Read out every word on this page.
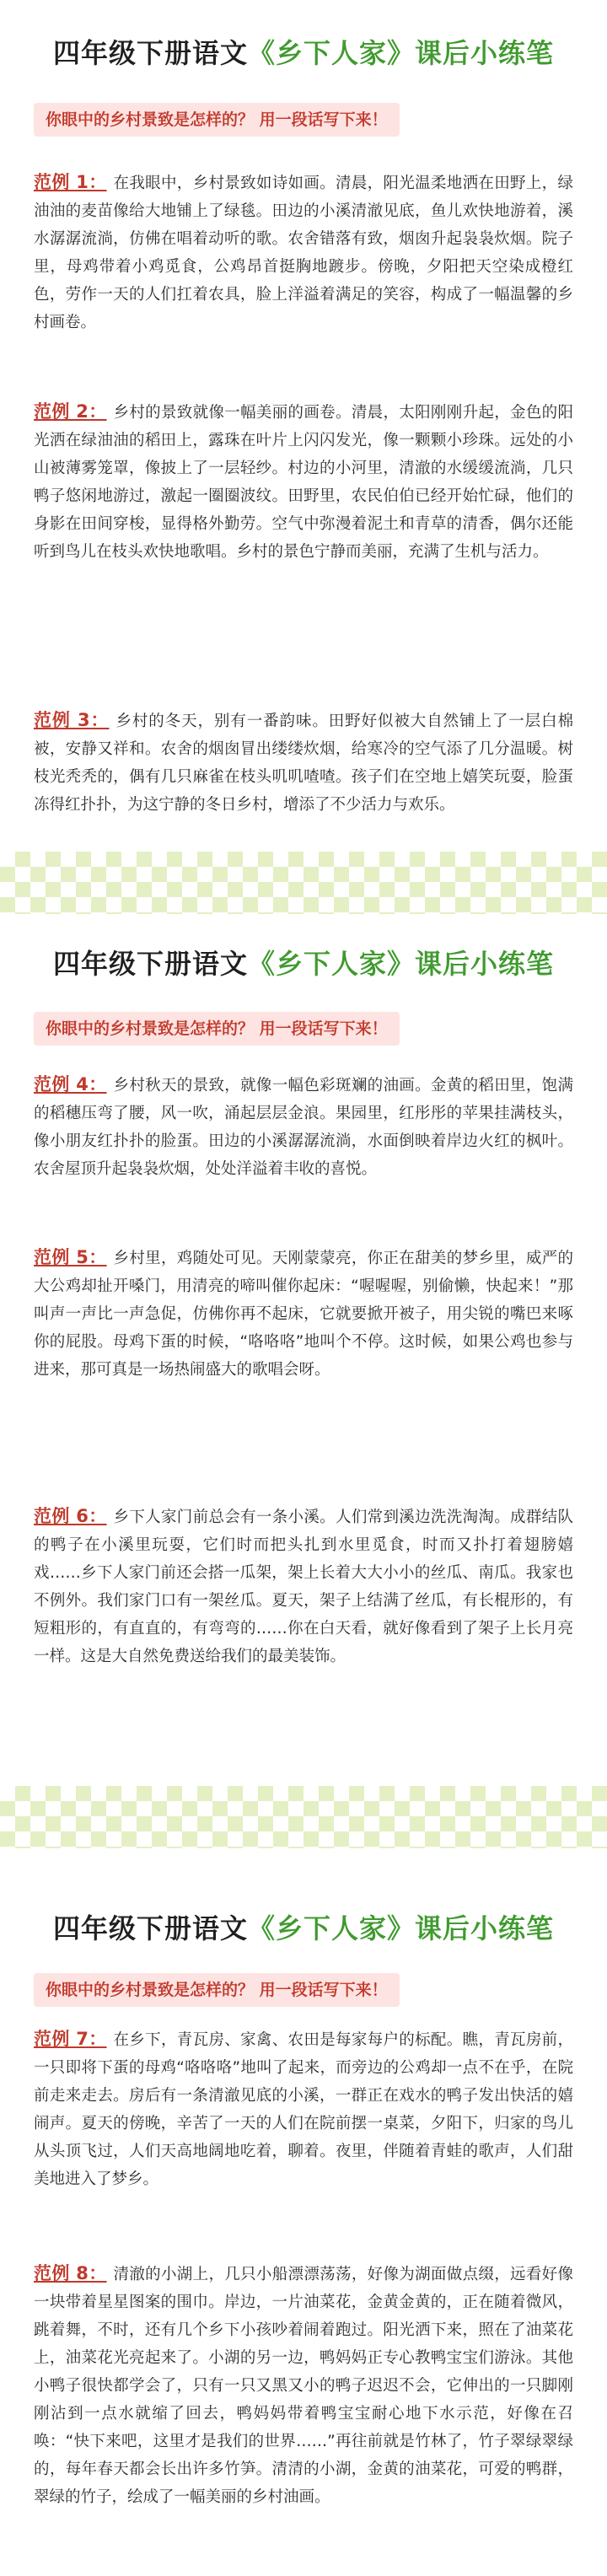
四年级下册语文《乡下人家》课后小练笔
你眼中的乡村景致是怎样的？ 用一段话写下来！

范例 1： 在我眼中，乡村景致如诗如画。清晨，阳光温柔地洒在田野上，绿油油的麦苗像给大地铺上了绿毯。田边的小溪清澈见底，鱼儿欢快地游着，溪水潺潺流淌，仿佛在唱着动听的歌。农舍错落有致，烟囱升起袅袅炊烟。院子里，母鸡带着小鸡觅食，公鸡昂首挺胸地踱步。傍晚，夕阳把天空染成橙红色，劳作一天的人们扛着农具，脸上洋溢着满足的笑容，构成了一幅温馨的乡村画卷。

范例 2： 乡村的景致就像一幅美丽的画卷。清晨，太阳刚刚升起，金色的阳光洒在绿油油的稻田上，露珠在叶片上闪闪发光，像一颗颗小珍珠。远处的小山被薄雾笼罩，像披上了一层轻纱。村边的小河里，清澈的水缓缓流淌，几只鸭子悠闲地游过，激起一圈圈波纹。田野里，农民伯伯已经开始忙碌，他们的身影在田间穿梭，显得格外勤劳。空气中弥漫着泥土和青草的清香，偶尔还能听到鸟儿在枝头欢快地歌唱。乡村的景色宁静而美丽，充满了生机与活力。

范例 3： 乡村的冬天，别有一番韵味。田野好似被大自然铺上了一层白棉被，安静又祥和。农舍的烟囱冒出缕缕炊烟，给寒冷的空气添了几分温暖。树枝光秃秃的，偶有几只麻雀在枝头叽叽喳喳。孩子们在空地上嬉笑玩耍，脸蛋冻得红扑扑，为这宁静的冬日乡村，增添了不少活力与欢乐。

四年级下册语文《乡下人家》课后小练笔
你眼中的乡村景致是怎样的？ 用一段话写下来！

范例 4： 乡村秋天的景致，就像一幅色彩斑斓的油画。金黄的稻田里，饱满的稻穗压弯了腰，风一吹，涌起层层金浪。果园里，红彤彤的苹果挂满枝头，像小朋友红扑扑的脸蛋。田边的小溪潺潺流淌，水面倒映着岸边火红的枫叶。农舍屋顶升起袅袅炊烟，处处洋溢着丰收的喜悦。

范例 5： 乡村里，鸡随处可见。天刚蒙蒙亮，你正在甜美的梦乡里，威严的大公鸡却扯开嗓门，用清亮的啼叫催你起床：“喔喔喔，别偷懒，快起来！”那叫声一声比一声急促，仿佛你再不起床，它就要掀开被子，用尖锐的嘴巴来啄你的屁股。母鸡下蛋的时候，“咯咯咯”地叫个不停。这时候，如果公鸡也参与进来，那可真是一场热闹盛大的歌唱会呀。

范例 6： 乡下人家门前总会有一条小溪。人们常到溪边洗洗淘淘。成群结队的鸭子在小溪里玩耍，它们时而把头扎到水里觅食，时而又扑打着翅膀嬉戏……乡下人家门前还会搭一瓜架，架上长着大大小小的丝瓜、南瓜。我家也不例外。我们家门口有一架丝瓜。夏天，架子上结满了丝瓜，有长棍形的，有短粗形的，有直直的，有弯弯的……你在白天看，就好像看到了架子上长月亮一样。这是大自然免费送给我们的最美装饰。

四年级下册语文《乡下人家》课后小练笔
你眼中的乡村景致是怎样的？ 用一段话写下来！

范例 7： 在乡下，青瓦房、家禽、农田是每家每户的标配。瞧，青瓦房前，一只即将下蛋的母鸡“咯咯咯”地叫了起来，而旁边的公鸡却一点不在乎，在院前走来走去。房后有一条清澈见底的小溪，一群正在戏水的鸭子发出快活的嬉闹声。夏天的傍晚，辛苦了一天的人们在院前摆一桌菜，夕阳下，归家的鸟儿从头顶飞过，人们天高地阔地吃着，聊着。夜里，伴随着青蛙的歌声，人们甜美地进入了梦乡。

范例 8： 清澈的小湖上，几只小船漂漂荡荡，好像为湖面做点缀，远看好像一块带着星星图案的围巾。岸边，一片油菜花，金黄金黄的，正在随着微风，跳着舞，不时，还有几个乡下小孩吵着闹着跑过。阳光洒下来，照在了油菜花上，油菜花光亮起来了。小湖的另一边，鸭妈妈正专心教鸭宝宝们游泳。其他小鸭子很快都学会了，只有一只又黑又小的鸭子迟迟不会，它伸出的一只脚刚刚沾到一点水就缩了回去，鸭妈妈带着鸭宝宝耐心地下水示范，好像在召唤：“快下来吧，这里才是我们的世界……”再往前就是竹林了，竹子翠绿翠绿的，每年春天都会长出许多竹笋。清清的小湖，金黄的油菜花，可爱的鸭群，翠绿的竹子，绘成了一幅美丽的乡村油画。
